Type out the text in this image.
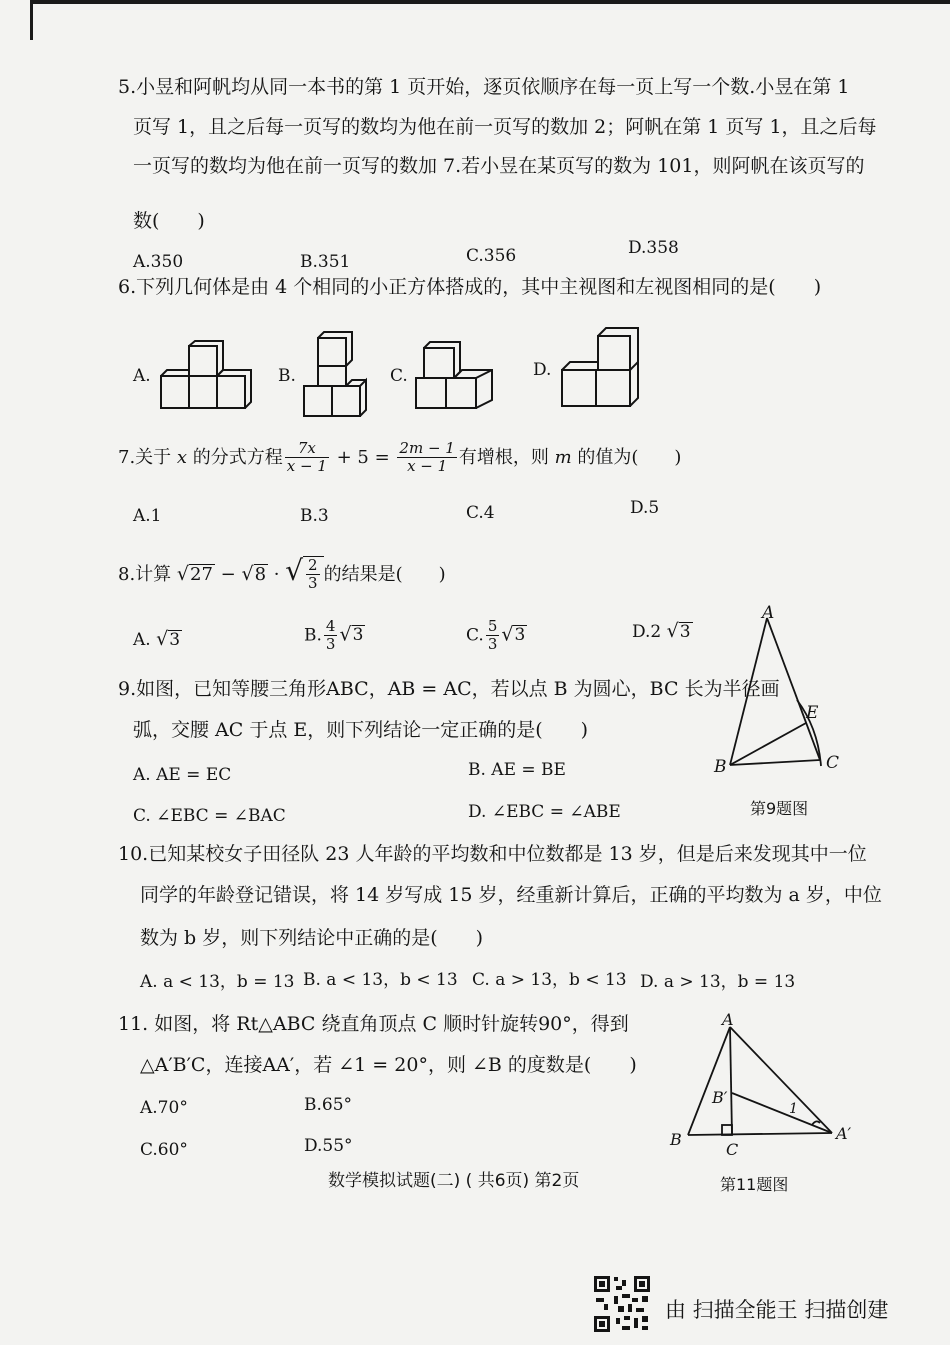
5.小昱和阿帆均从同一本书的第 1 页开始，逐页依顺序在每一页上写一个数.小昱在第 1
页写 1，且之后每一页写的数均为他在前一页写的数加 2；阿帆在第 1 页写 1，且之后每
一页写的数均为他在前一页写的数加 7.若小昱在某页写的数为 101，则阿帆在该页写的
数(　　)
A.350	B.351	C.356	D.358
6.下列几何体是由 4 个相同的小正方体搭成的，其中主视图和左视图相同的是(　　)
A.	B.	C.	D.
7.关于 x 的分式方程 $\frac{7x}{x - 1} + 5 = \frac{2m - 1}{x - 1}$ 有增根，则 m 的值为(　　)
A.1	B.3	C.4	D.5
8.计算 √27 − √8 · √ $\frac{2}{3}$ 的结果是(　　)
A. √3	B. $\frac{4}{3} √3$	C. $\frac{5}{3} √3$	D.2 √3
9.如图，已知等腰三角形ABC，AB = AC，若以点 B 为圆心，BC 长为半径画
弧，交腰 AC 于点 E，则下列结论一定正确的是(　　)
A. AE = EC	B. AE = BE
C. ∠EBC = ∠BAC	D. ∠EBC = ∠ABE
A
B	C
E
第9题图
10.已知某校女子田径队 23 人年龄的平均数和中位数都是 13 岁，但是后来发现其中一位
同学的年龄登记错误，将 14 岁写成 15 岁，经重新计算后，正确的平均数为 a 岁，中位
数为 b 岁，则下列结论中正确的是(　　)
A. a < 13，b = 13 B. a < 13，b < 13 C. a > 13，b < 13 D. a > 13，b = 13
11. 如图，将 Rt△ABC 绕直角顶点 C 顺时针旋转90°，得到
△A′B′C，连接AA′，若 ∠1 = 20°，则 ∠B 的度数是(　　)
A.70°	B.65°
C.60°	D.55°
A
B
C
B′
A′
1
第11题图
数学模拟试题(二) ( 共6页) 第2页
由 扫描全能王 扫描创建
